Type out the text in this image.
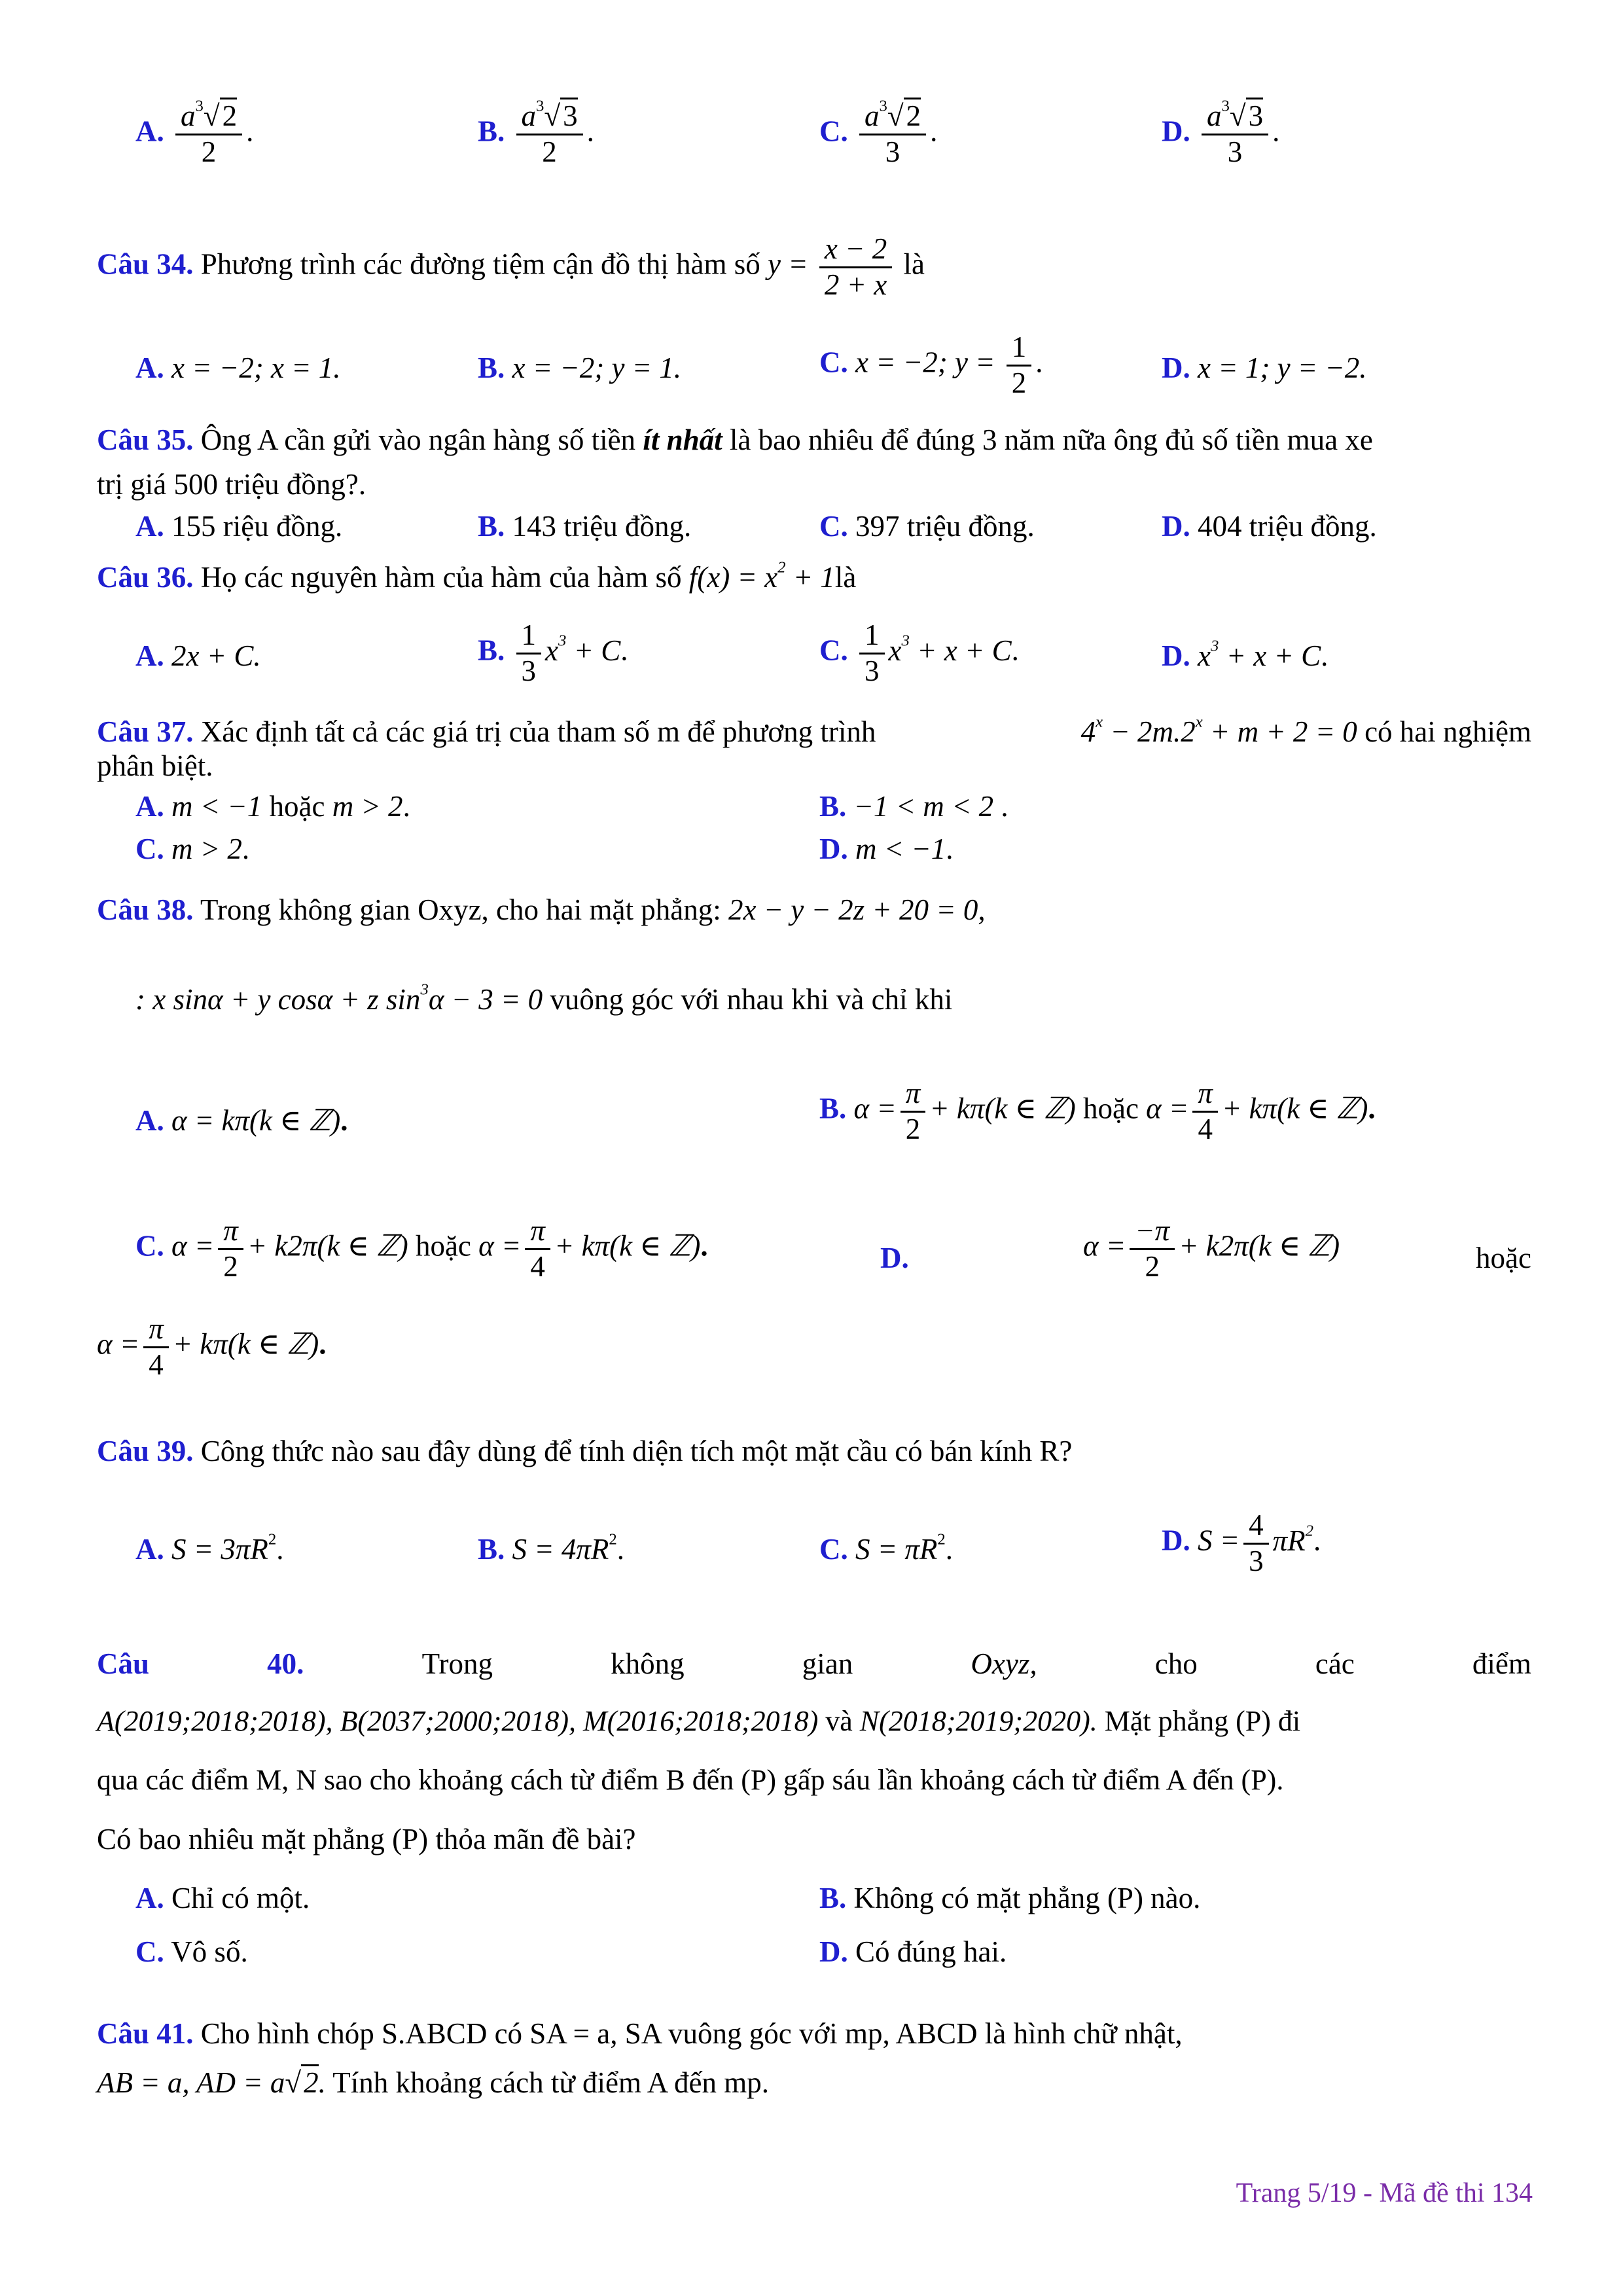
A. $\frac{a^3√2}{2}$ .	B. $\frac{a^3√3}{2}$ .	C. $\frac{a^3√2}{3}$ .	D. $\frac{a^3√3}{3}$ .
Câu 34. Phương trình các đường tiệm cận đồ thị hàm số $y = \frac{x - 2}{2 + x}$ là
A. x = −2; x = 1.	B. x = −2; y = 1.	C. x = −2; $y = \frac{1}{2}$ .	D. x = 1; y = −2.
Câu 35. Ông A cần gửi vào ngân hàng số tiền ít nhất là bao nhiêu để đúng 3 năm nữa ông đủ số tiền mua xe
trị giá 500 triệu đồng?.
A. 155 riệu đồng.	B. 143 triệu đồng.	C. 397 triệu đồng.	D. 404 triệu đồng.
Câu 36. Họ các nguyên hàm của hàm của hàm số $f(x) = x^2$ + 1là
A. 2x + C.	B. $\frac{1}{3} x^3 + C$.	C. $\frac{1}{3} x^3 + x + C$.	D. $x^3 + x + C$.
Câu 37. Xác định tất cả các giá trị của tham số m để phương trình	$4^x - 2m.2^x + m + 2 = 0$ có hai nghiệm
phân biệt.
A. m < −1 hoặc m > 2.	B. −1 < m < 2 .
C. m > 2.	D. m < −1.
Câu 38. Trong không gian Oxyz, cho hai mặt phẳng: 2x − y − 2z + 20 = 0,
: x sinα + y cosα + z $\sin^3\alpha - 3 = 0$ vuông góc với nhau khi và chỉ khi
A. α = kπ(k ∈ ℤ).	B. $\alpha = \frac{\pi}{2} + k\pi(k$ ∈ ℤ) hoặc $\alpha = \frac{\pi}{4} + k\pi(k$ ∈ ℤ).
C. $\alpha = \frac{\pi}{2} + k2\pi(k$ ∈ ℤ) hoặc $\alpha = \frac{\pi}{4} + k\pi(k$ ∈ ℤ).	D.	$\alpha = \frac{-\pi}{2} + k2\pi(k$ ∈ ℤ)	hoặc
$\alpha = \frac{\pi}{4} + k\pi(k$ ∈ ℤ).
Câu 39. Công thức nào sau đây dùng để tính diện tích một mặt cầu có bán kính R?
A. $S = 3\pi R^2$.	B. $S = 4\pi R^2$.	C. $S = \pi R^2$.	D. $S = \frac{4}{3} \pi R^2$.
Câu	40.	Trong	không	gian	Oxyz,	cho	các	điểm
A(2019;2018;2018), B(2037;2000;2018), M(2016;2018;2018) và N(2018;2019;2020). Mặt phẳng (P) đi
qua các điểm M, N sao cho khoảng cách từ điểm B đến (P) gấp sáu lần khoảng cách từ điểm A đến (P).
Có bao nhiêu mặt phẳng (P) thỏa mãn đề bài?
A. Chỉ có một.	B. Không có mặt phẳng (P) nào.
C. Vô số.	D. Có đúng hai.
Câu 41. Cho hình chóp S.ABCD có SA = a, SA vuông góc với mp, ABCD là hình chữ nhật,
AB = a, AD = a√2. Tính khoảng cách từ điểm A đến mp.
Trang 5/19 - Mã đề thi 134
